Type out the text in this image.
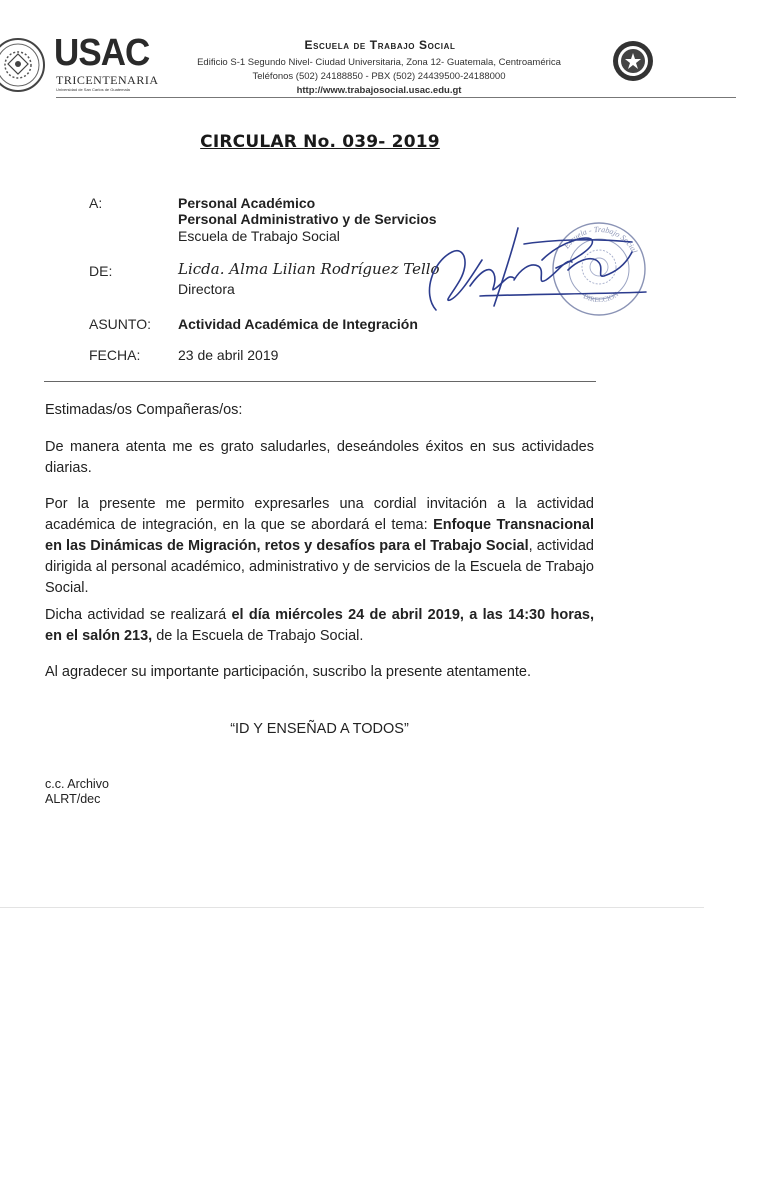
USAC
TRICENTENARIA
Universidad de San Carlos de Guatemala
Escuela de Trabajo Social
Edificio S-1 Segundo Nivel- Ciudad Universitaria, Zona 12- Guatemala, Centroamérica
Teléfonos (502) 24188850 - PBX (502) 24439500-24188000
http://www.trabajosocial.usac.edu.gt
CIRCULAR No. 039- 2019
A:	Personal Académico
Personal Administrativo y de Servicios
Escuela de Trabajo Social
DE:	Licda. Alma Lilian Rodríguez Tello
Directora
ASUNTO: Actividad Académica de Integración
FECHA:	23 de abril 2019
Escuela - Trabajo Social
DIRECCION
Estimadas/os Compañeras/os:
De manera atenta me es grato saludarles, deseándoles éxitos en sus actividades diarias.
Por la presente me permito expresarles una cordial invitación a la actividad académica de integración, en la que se abordará el tema: Enfoque Transnacional en las Dinámicas de Migración, retos y desafíos para el Trabajo Social, actividad dirigida al personal académico, administrativo y de servicios de la Escuela de Trabajo Social.
Dicha actividad se realizará el día miércoles 24 de abril 2019, a las 14:30 horas, en el salón 213, de la Escuela de Trabajo Social.
Al agradecer su importante participación, suscribo la presente atentamente.
“ID Y ENSEÑAD A TODOS”
c.c. Archivo
ALRT/dec
